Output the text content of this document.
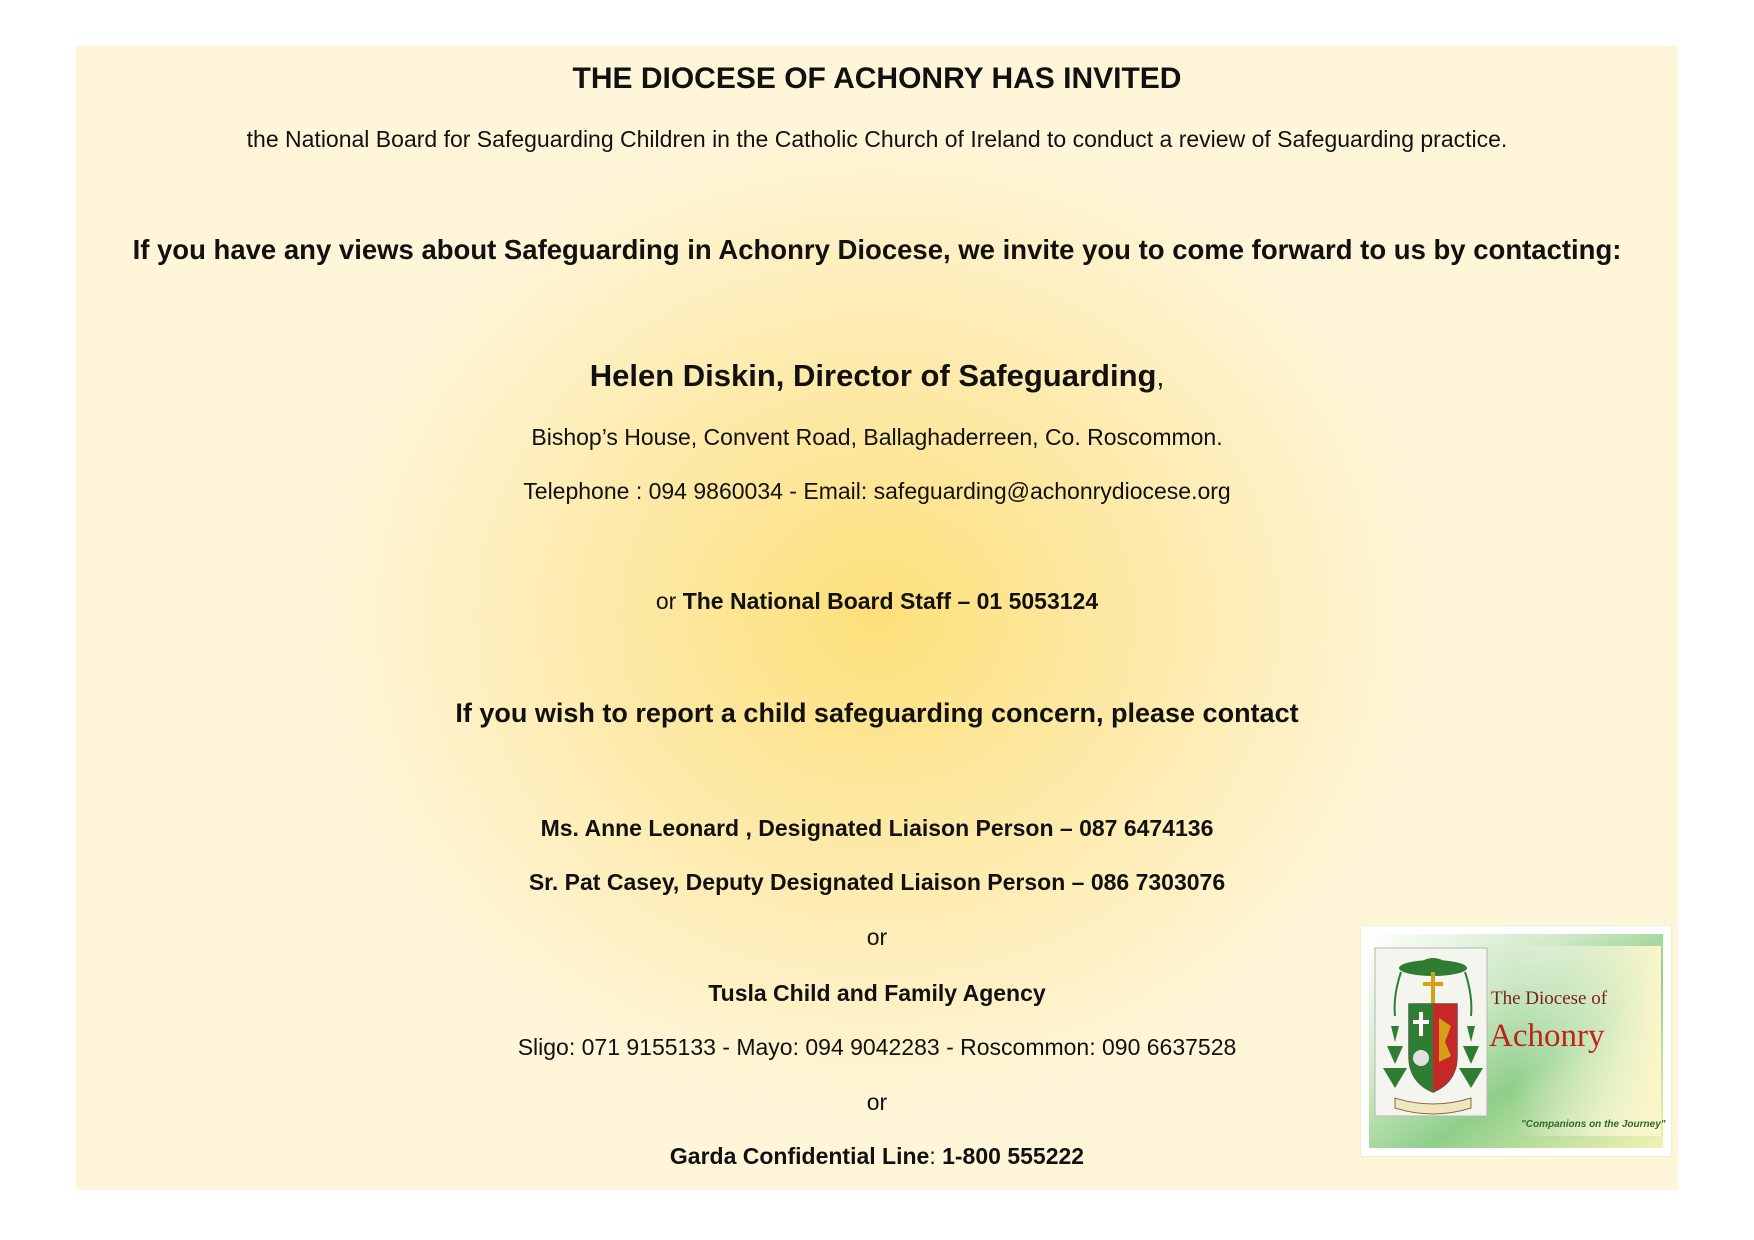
THE DIOCESE OF ACHONRY HAS INVITED
the National Board for Safeguarding Children in the Catholic Church of Ireland to conduct a review of Safeguarding practice.
If you have any views about Safeguarding in Achonry Diocese, we invite you to come forward to us by contacting:
Helen Diskin, Director of Safeguarding,
Bishop’s House, Convent Road, Ballaghaderreen, Co. Roscommon.
Telephone : 094 9860034 - Email: safeguarding@achonrydiocese.org
or The National Board Staff – 01 5053124
If you wish to report a child safeguarding concern, please contact
Ms. Anne Leonard , Designated Liaison Person – 087 6474136
Sr. Pat Casey, Deputy Designated Liaison Person – 086 7303076
or
Tusla Child and Family Agency
Sligo: 071 9155133 - Mayo: 094 9042283 - Roscommon: 090 6637528
or
Garda Confidential Line: 1-800 555222
The Diocese of
Achonry
"Companions on the Journey"
